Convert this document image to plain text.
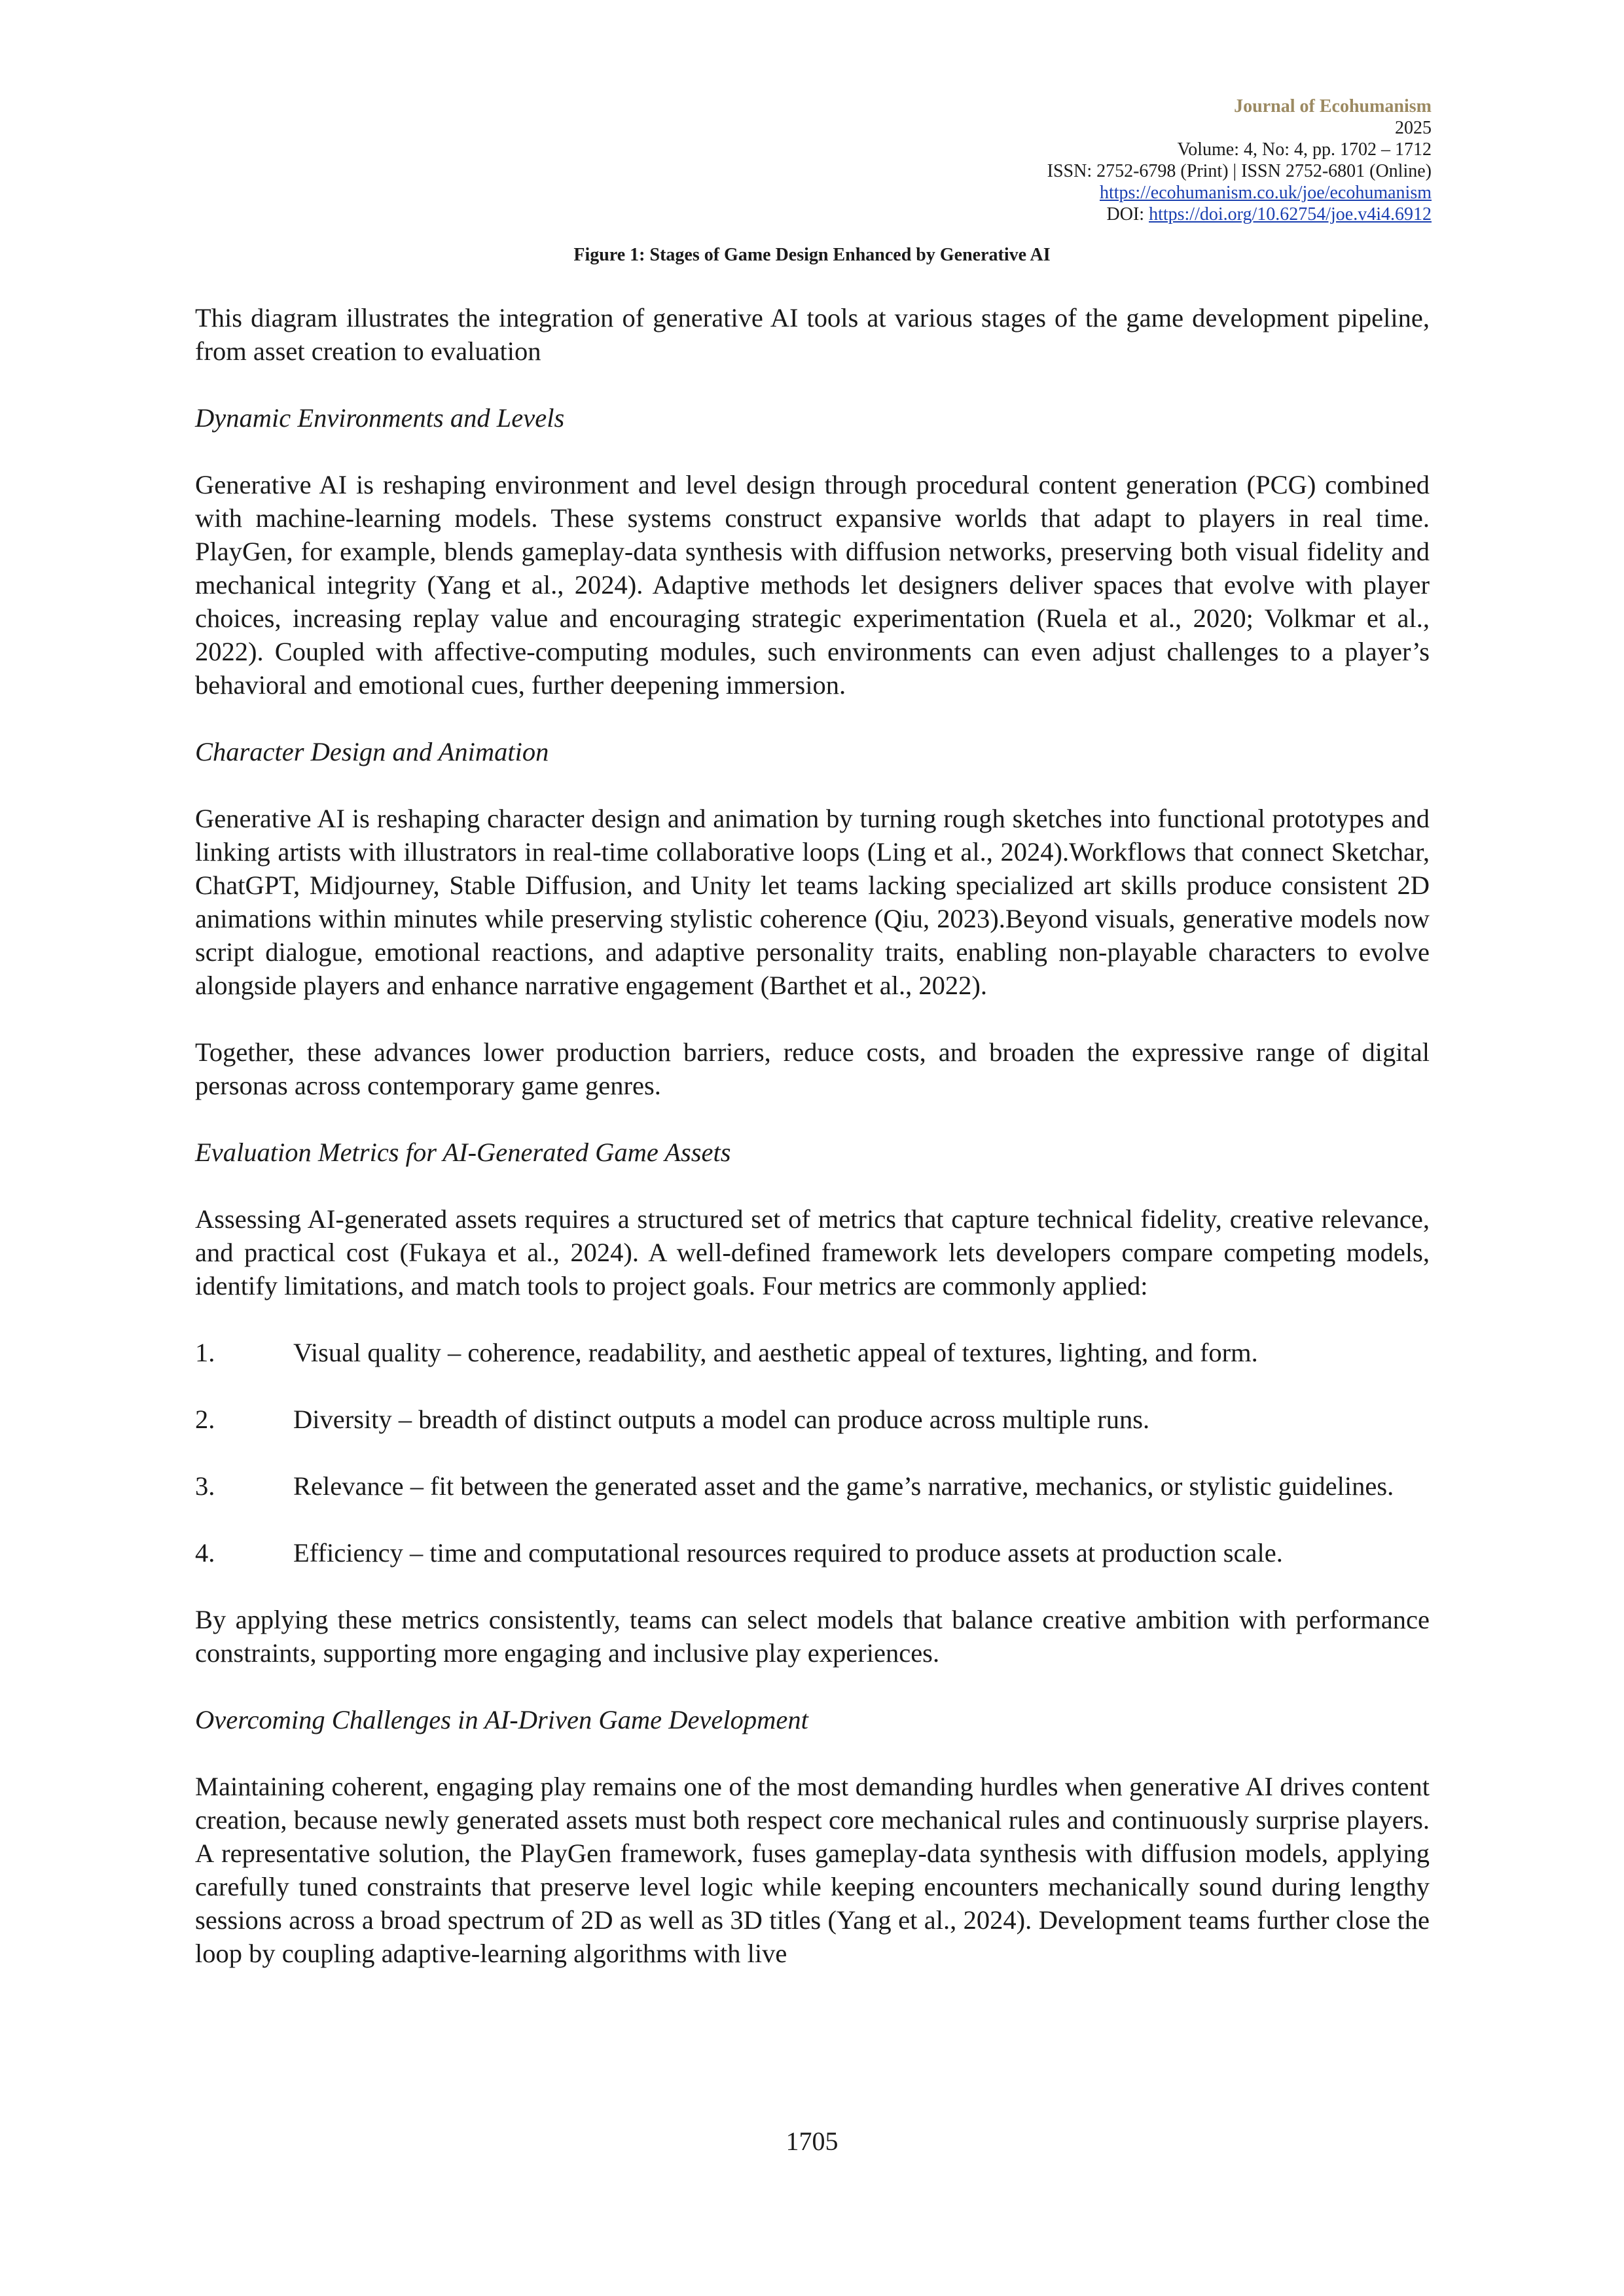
Journal of Ecohumanism
2025
Volume: 4, No: 4, pp. 1702 – 1712
ISSN: 2752-6798 (Print) | ISSN 2752-6801 (Online)
https://ecohumanism.co.uk/joe/ecohumanism
DOI: https://doi.org/10.62754/joe.v4i4.6912
Figure 1: Stages of Game Design Enhanced by Generative AI

This diagram illustrates the integration of generative AI tools at various stages of the game development pipeline, from asset creation to evaluation

Dynamic Environments and Levels

Generative AI is reshaping environment and level design through procedural content generation (PCG) combined with machine-learning models. These systems construct expansive worlds that adapt to players in real time. PlayGen, for example, blends gameplay-data synthesis with diffusion networks, preserving both visual fidelity and mechanical integrity (Yang et al., 2024). Adaptive methods let designers deliver spaces that evolve with player choices, increasing replay value and encouraging strategic experimentation (Ruela et al., 2020; Volkmar et al., 2022). Coupled with affective-computing modules, such environments can even adjust challenges to a player’s behavioral and emotional cues, further deepening immersion.

Character Design and Animation

Generative AI is reshaping character design and animation by turning rough sketches into functional prototypes and linking artists with illustrators in real-time collaborative loops (Ling et al., 2024).Workflows that connect Sketchar, ChatGPT, Midjourney, Stable Diffusion, and Unity let teams lacking specialized art skills produce consistent 2D animations within minutes while preserving stylistic coherence (Qiu, 2023).Beyond visuals, generative models now script dialogue, emotional reactions, and adaptive personality traits, enabling non-playable characters to evolve alongside players and enhance narrative engagement (Barthet et al., 2022).

Together, these advances lower production barriers, reduce costs, and broaden the expressive range of digital personas across contemporary game genres.

Evaluation Metrics for AI-Generated Game Assets

Assessing AI-generated assets requires a structured set of metrics that capture technical fidelity, creative relevance, and practical cost (Fukaya et al., 2024). A well-defined framework lets developers compare competing models, identify limitations, and match tools to project goals. Four metrics are commonly applied:

1.	Visual quality – coherence, readability, and aesthetic appeal of textures, lighting, and form.
2.	Diversity – breadth of distinct outputs a model can produce across multiple runs.
3.	Relevance – fit between the generated asset and the game’s narrative, mechanics, or stylistic guidelines.
4.	Efficiency – time and computational resources required to produce assets at production scale.

By applying these metrics consistently, teams can select models that balance creative ambition with performance constraints, supporting more engaging and inclusive play experiences.

Overcoming Challenges in AI-Driven Game Development

Maintaining coherent, engaging play remains one of the most demanding hurdles when generative AI drives content creation, because newly generated assets must both respect core mechanical rules and continuously surprise players. A representative solution, the PlayGen framework, fuses gameplay-data synthesis with diffusion models, applying carefully tuned constraints that preserve level logic while keeping encounters mechanically sound during lengthy sessions across a broad spectrum of 2D as well as 3D titles (Yang et al., 2024). Development teams further close the loop by coupling adaptive-learning algorithms with live

1705
